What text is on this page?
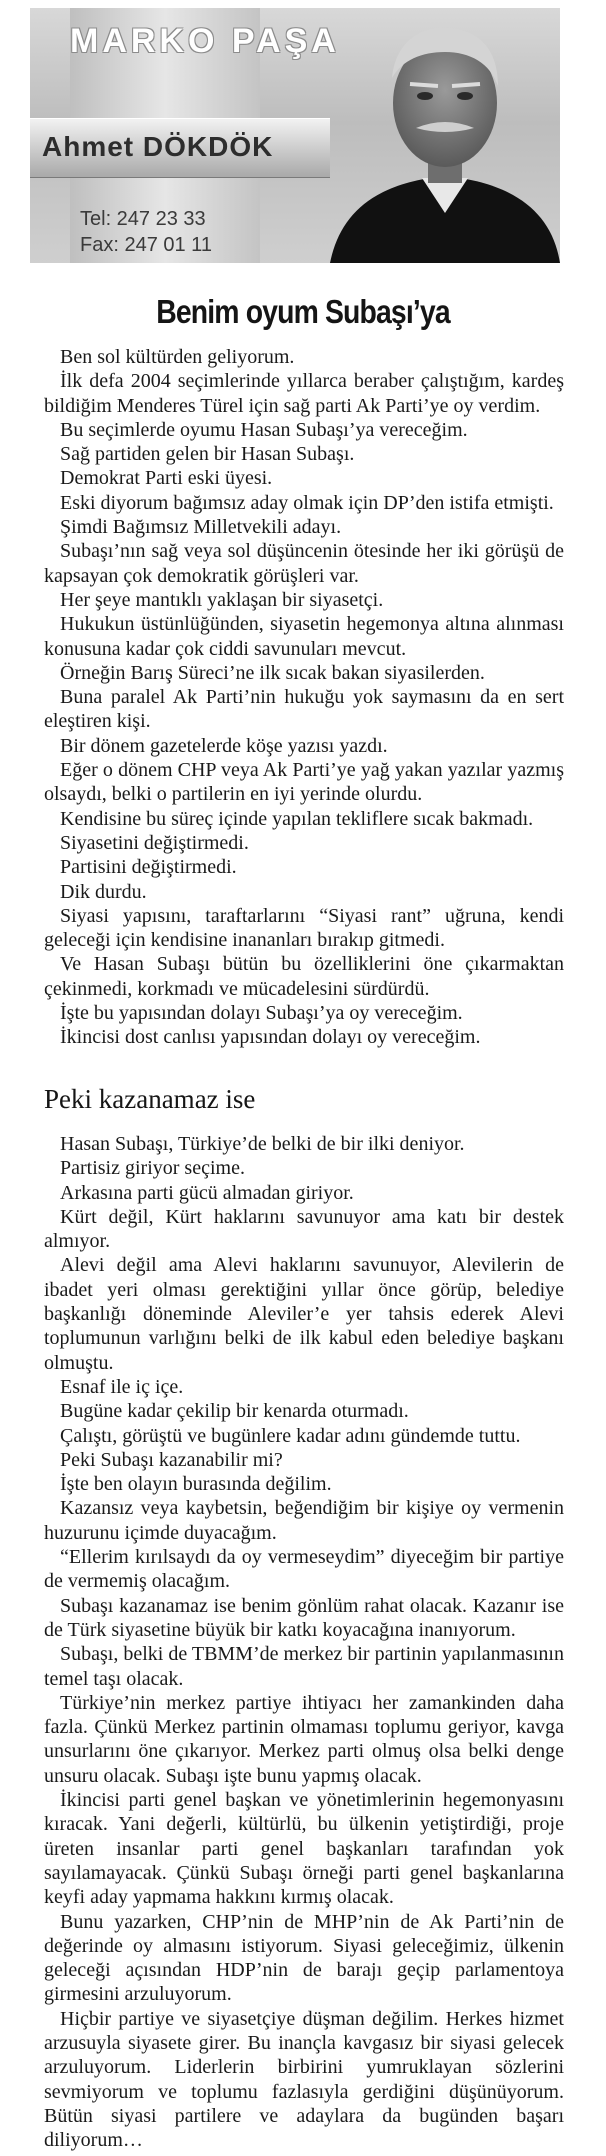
MARKO PAŞA
Ahmet DÖKDÖK
Tel: 247 23 33
Fax: 247 01 11
Benim oyum Subaşı’ya

Ben sol kültürden geliyorum.

İlk defa 2004 seçimlerinde yıllarca beraber çalıştığım, kardeş bildiğim Menderes Türel için sağ parti Ak Parti’ye oy verdim.

Bu seçimlerde oyumu Hasan Subaşı’ya vereceğim.

Sağ partiden gelen bir Hasan Subaşı.

Demokrat Parti eski üyesi.

Eski diyorum bağımsız aday olmak için DP’den istifa etmişti.

Şimdi Bağımsız Milletvekili adayı.

Subaşı’nın sağ veya sol düşüncenin ötesinde her iki görüşü de kapsayan çok demokratik görüşleri var.

Her şeye mantıklı yaklaşan bir siyasetçi.

Hukukun üstünlüğünden, siyasetin hegemonya altına alınması konusuna kadar çok ciddi savunuları mevcut.

Örneğin Barış Süreci’ne ilk sıcak bakan siyasilerden.

Buna paralel Ak Parti’nin hukuğu yok saymasını da en sert eleştiren kişi.

Bir dönem gazetelerde köşe yazısı yazdı.

Eğer o dönem CHP veya Ak Parti’ye yağ yakan yazılar yazmış olsaydı, belki o partilerin en iyi yerinde olurdu.

Kendisine bu süreç içinde yapılan tekliflere sıcak bakmadı.

Siyasetini değiştirmedi.

Partisini değiştirmedi.

Dik durdu.

Siyasi yapısını, taraftarlarını “Siyasi rant” uğruna, kendi geleceği için kendisine inananları bırakıp gitmedi.

Ve Hasan Subaşı bütün bu özelliklerini öne çıkarmaktan çekinmedi, korkmadı ve mücadelesini sürdürdü.

İşte bu yapısından dolayı Subaşı’ya oy vereceğim.

İkincisi dost canlısı yapısından dolayı oy vereceğim.

Peki kazanamaz ise

Hasan Subaşı, Türkiye’de belki de bir ilki deniyor.

Partisiz giriyor seçime.

Arkasına parti gücü almadan giriyor.

Kürt değil, Kürt haklarını savunuyor ama katı bir destek almıyor.

Alevi değil ama Alevi haklarını savunuyor, Alevilerin de ibadet yeri olması gerektiğini yıllar önce görüp, belediye başkanlığı döneminde Aleviler’e yer tahsis ederek Alevi toplumunun varlığını belki de ilk kabul eden belediye başkanı olmuştu.

Esnaf ile iç içe.

Bugüne kadar çekilip bir kenarda oturmadı.

Çalıştı, görüştü ve bugünlere kadar adını gündemde tuttu.

Peki Subaşı kazanabilir mi?

İşte ben olayın burasında değilim.

Kazansız veya kaybetsin, beğendiğim bir kişiye oy vermenin huzurunu içimde duyacağım.

“Ellerim kırılsaydı da oy vermeseydim” diyeceğim bir partiye de vermemiş olacağım.

Subaşı kazanamaz ise benim gönlüm rahat olacak. Kazanır ise de Türk siyasetine büyük bir katkı koyacağına inanıyorum.

Subaşı, belki de TBMM’de merkez bir partinin yapılanmasının temel taşı olacak.

Türkiye’nin merkez partiye ihtiyacı her zamankinden daha fazla. Çünkü Merkez partinin olmaması toplumu geriyor, kavga unsurlarını öne çıkarıyor. Merkez parti olmuş olsa belki denge unsuru olacak. Subaşı işte bunu yapmış olacak.

İkincisi parti genel başkan ve yönetimlerinin hegemonyasını kıracak. Yani değerli, kültürlü, bu ülkenin yetiştirdiği, proje üreten insanlar parti genel başkanları tarafından yok sayılamayacak. Çünkü Subaşı örneği parti genel başkanlarına keyfi aday yapmama hakkını kırmış olacak.

Bunu yazarken, CHP’nin de MHP’nin de Ak Parti’nin de değerinde oy almasını istiyorum. Siyasi geleceğimiz, ülkenin geleceği açısından HDP’nin de barajı geçip parlamentoya girmesini arzuluyorum.

Hiçbir partiye ve siyasetçiye düşman değilim. Herkes hizmet arzusuyla siyasete girer. Bu inançla kavgasız bir siyasi gelecek arzuluyorum. Liderlerin birbirini yumruklayan sözlerini sevmiyorum ve toplumu fazlasıyla gerdiğini düşünüyorum. Bütün siyasi partilere ve adaylara da bugünden başarı diliyorum…
